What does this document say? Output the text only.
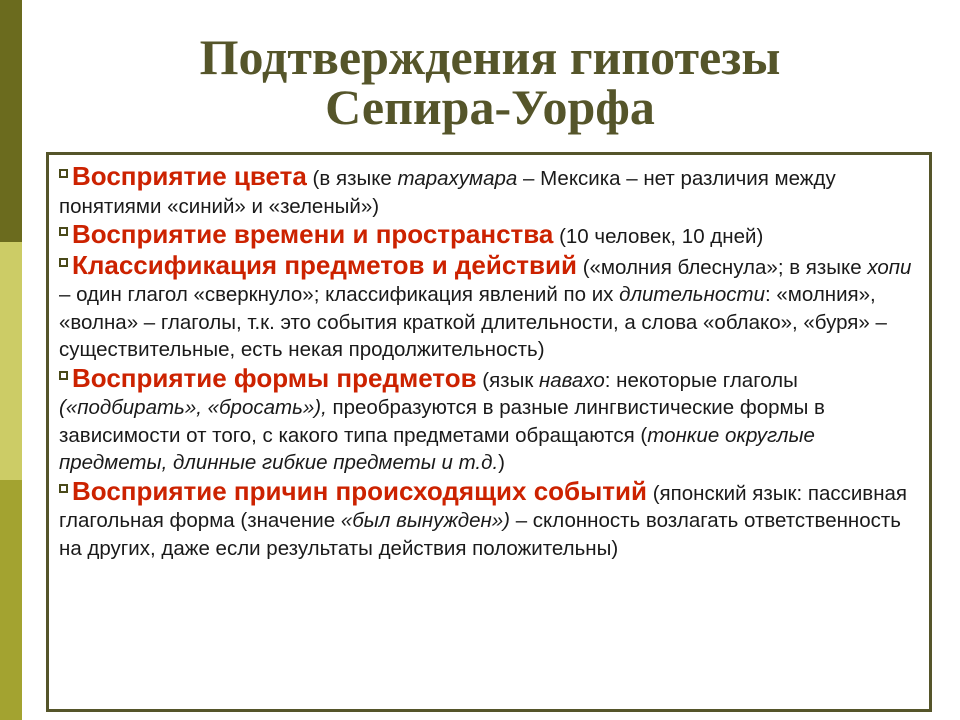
Подтверждения гипотезы
Сепира-Уорфа
Восприятие цвета (в языке тарахумара – Мексика – нет различия между понятиями «синий» и «зеленый»)
Восприятие времени и пространства (10 человек, 10 дней)
Классификация предметов и действий («молния блеснула»; в языке хопи – один глагол «сверкнуло»; классификация явлений по их длительности: «молния», «волна» – глаголы, т.к. это события краткой длительности, а слова «облако», «буря» – существительные, есть некая продолжительность)
Восприятие формы предметов (язык навахо: некоторые глаголы («подбирать», «бросать»), преобразуются в разные лингвистические формы в зависимости от того, с какого типа предметами обращаются (тонкие округлые предметы, длинные гибкие предметы и т.д.)
Восприятие причин происходящих событий (японский язык: пассивная глагольная форма (значение «был вынужден») – склонность возлагать ответственность на других, даже если результаты действия положительны)
